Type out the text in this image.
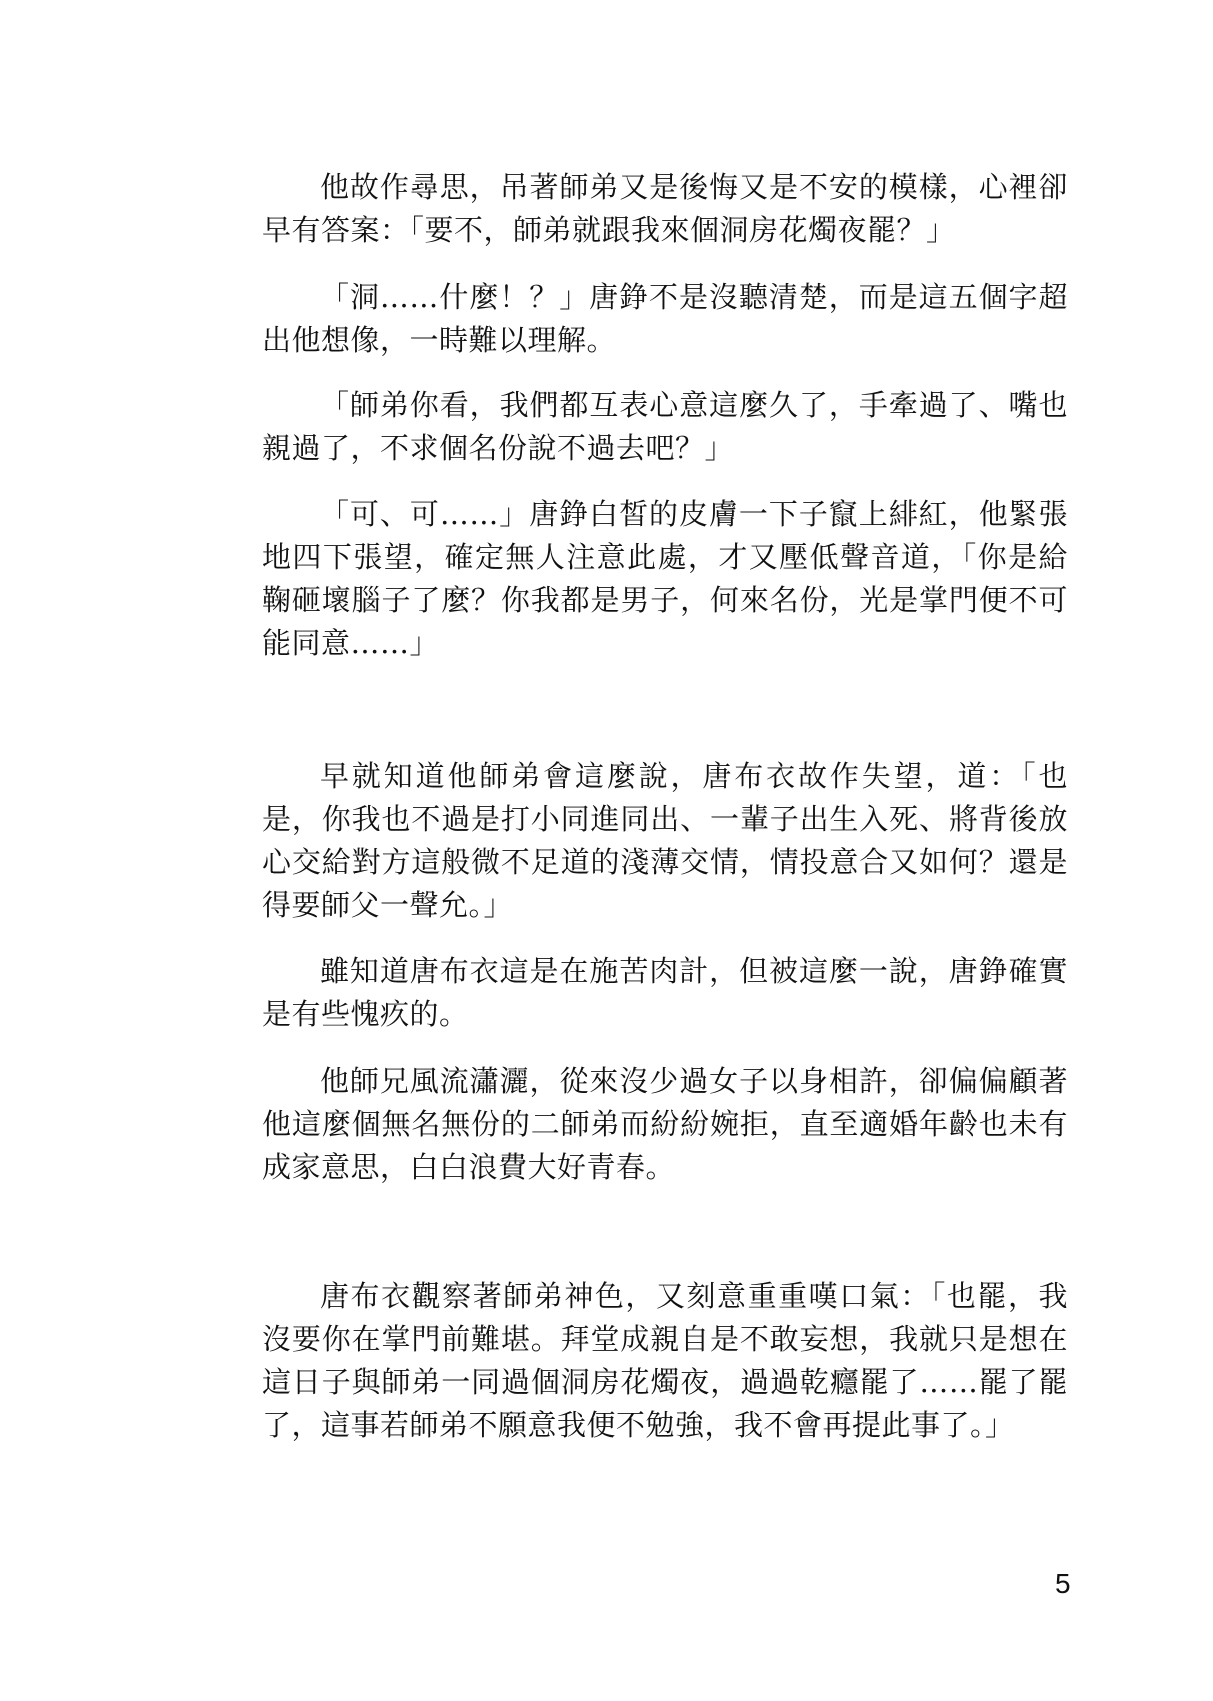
他故作尋思，吊著師弟又是後悔又是不安的模樣，心裡卻早有答案：「要不，師弟就跟我來個洞房花燭夜罷？」

「洞……什麼！？」唐錚不是沒聽清楚，而是這五個字超出他想像，一時難以理解。

「師弟你看，我們都互表心意這麼久了，手牽過了、嘴也親過了，不求個名份說不過去吧？」

「可、可……」唐錚白皙的皮膚一下子竄上緋紅，他緊張地四下張望，確定無人注意此處，才又壓低聲音道，「你是給鞠砸壞腦子了麼？你我都是男子，何來名份，光是掌門便不可能同意……」

早就知道他師弟會這麼說，唐布衣故作失望，道：「也是，你我也不過是打小同進同出、一輩子出生入死、將背後放心交給對方這般微不足道的淺薄交情，情投意合又如何？還是得要師父一聲允。」

雖知道唐布衣這是在施苦肉計，但被這麼一說，唐錚確實是有些愧疚的。

他師兄風流瀟灑，從來沒少過女子以身相許，卻偏偏顧著他這麼個無名無份的二師弟而紛紛婉拒，直至適婚年齡也未有成家意思，白白浪費大好青春。

唐布衣觀察著師弟神色，又刻意重重嘆口氣：「也罷，我沒要你在掌門前難堪。拜堂成親自是不敢妄想，我就只是想在這日子與師弟一同過個洞房花燭夜，過過乾癮罷了……罷了罷了，這事若師弟不願意我便不勉強，我不會再提此事了。」

5
